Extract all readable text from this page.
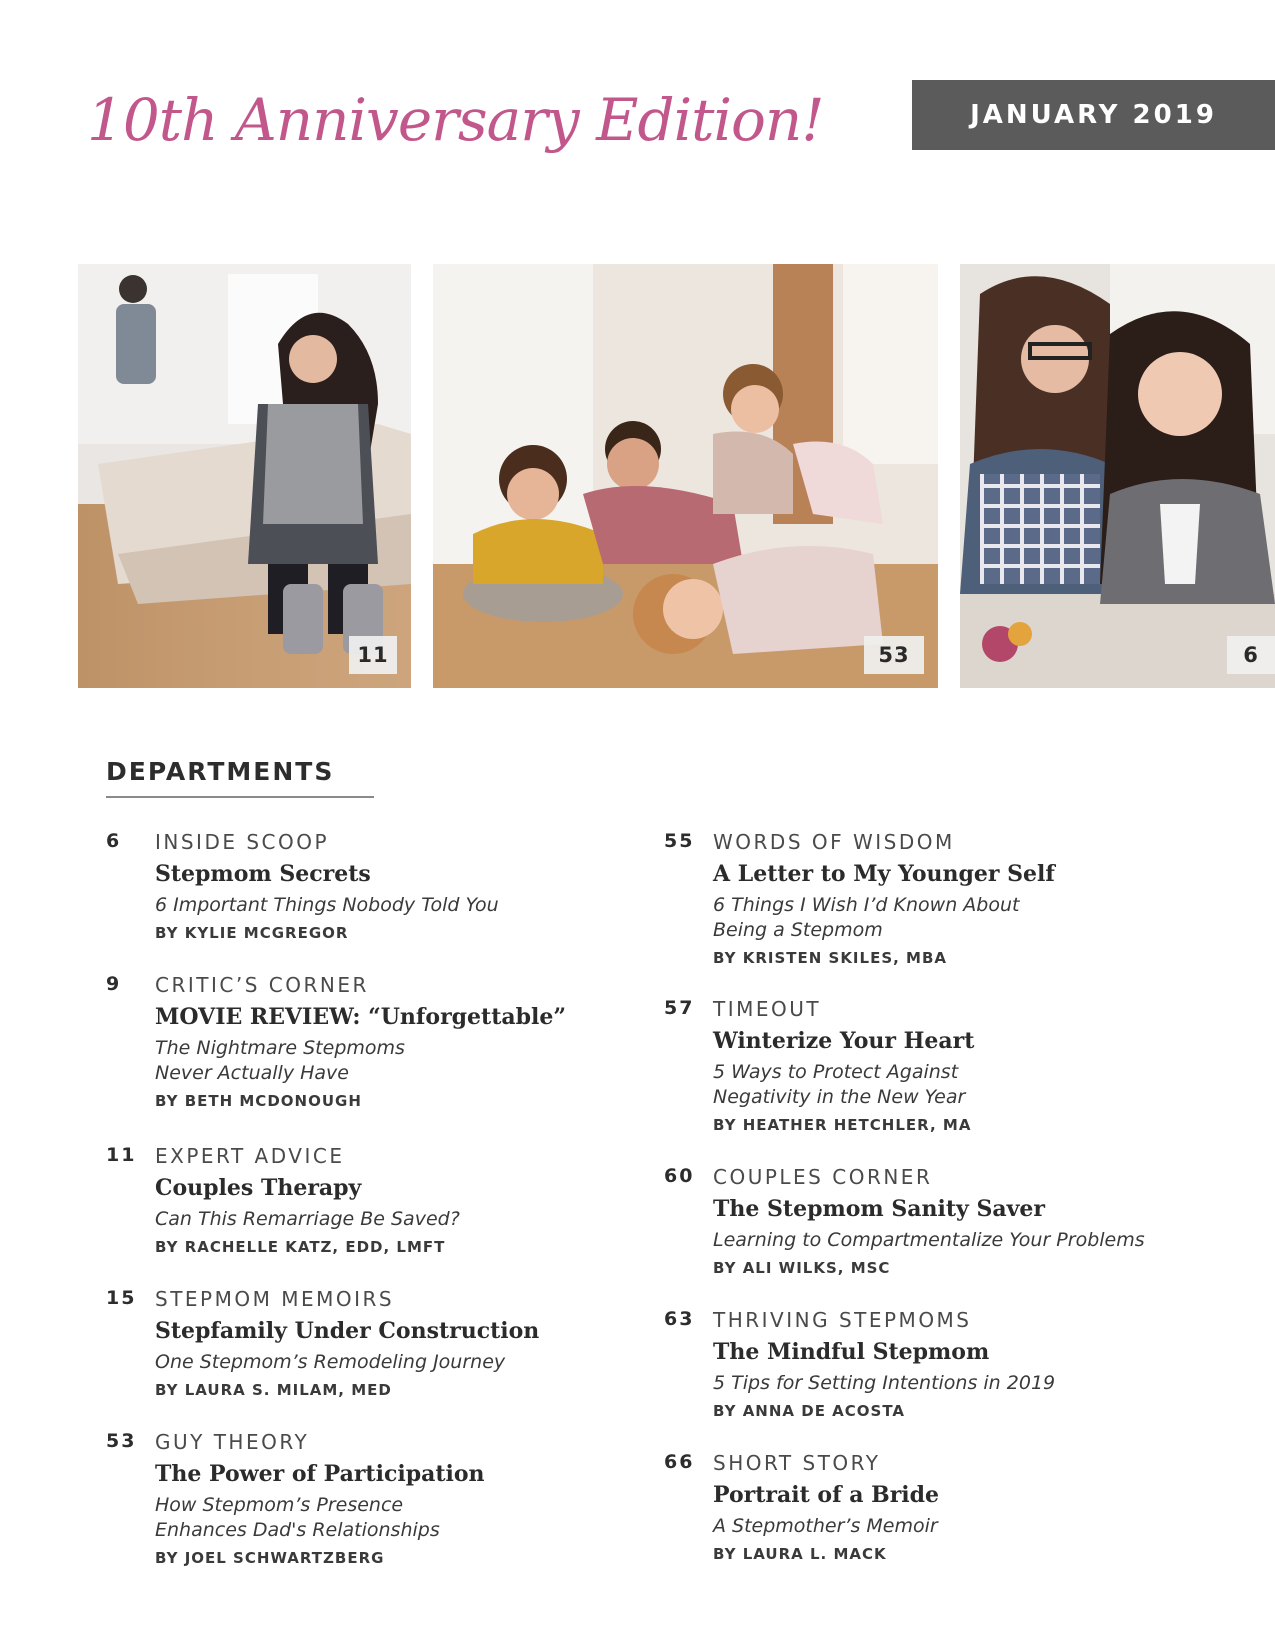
10th Anniversary Edition!	JANUARY 2019
11	53	6
DEPARTMENTS
6 INSIDE SCOOP
Stepmom Secrets
6 Important Things Nobody Told You
BY KYLIE MCGREGOR
9 CRITIC’S CORNER
MOVIE REVIEW: “Unforgettable”
The Nightmare Stepmoms
Never Actually Have
BY BETH MCDONOUGH
11 EXPERT ADVICE
Couples Therapy
Can This Remarriage Be Saved?
BY RACHELLE KATZ, EDD, LMFT
15 STEPMOM MEMOIRS
Stepfamily Under Construction
One Stepmom’s Remodeling Journey
BY LAURA S. MILAM, MED
53 GUY THEORY
The Power of Participation
How Stepmom’s Presence
Enhances Dad's Relationships
BY JOEL SCHWARTZBERG
55 WORDS OF WISDOM
A Letter to My Younger Self
6 Things I Wish I’d Known About
Being a Stepmom
BY KRISTEN SKILES, MBA
57 TIMEOUT
Winterize Your Heart
5 Ways to Protect Against
Negativity in the New Year
BY HEATHER HETCHLER, MA
60 COUPLES CORNER
The Stepmom Sanity Saver
Learning to Compartmentalize Your Problems
BY ALI WILKS, MSC
63 THRIVING STEPMOMS
The Mindful Stepmom
5 Tips for Setting Intentions in 2019
BY ANNA DE ACOSTA
66 SHORT STORY
Portrait of a Bride
A Stepmother’s Memoir
BY LAURA L. MACK
